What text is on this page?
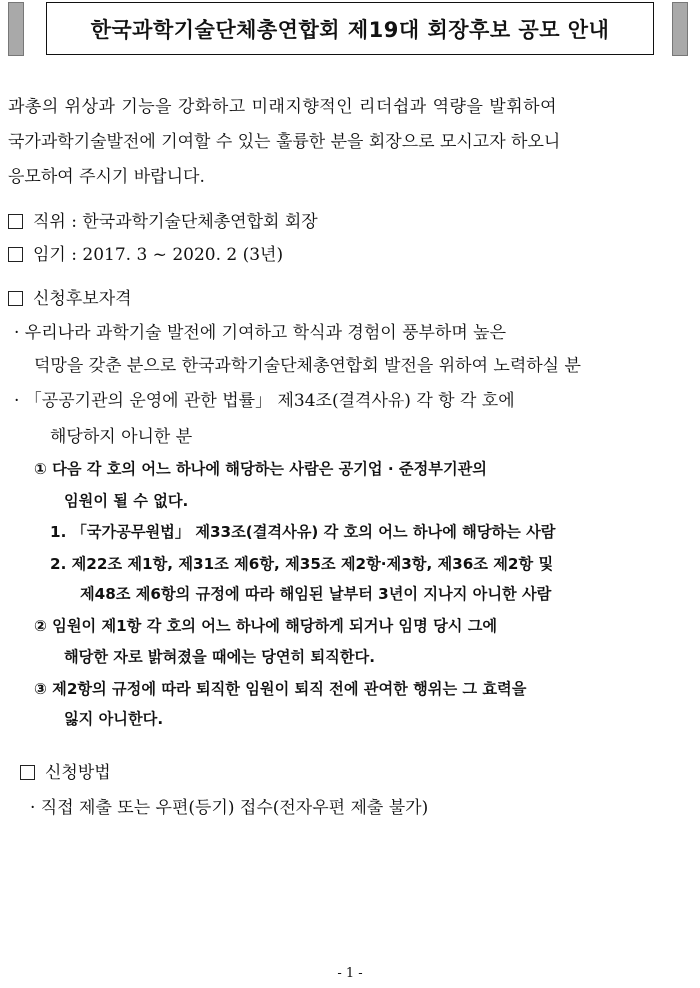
한국과학기술단체총연합회 제19대 회장후보 공모 안내
과총의 위상과 기능을 강화하고 미래지향적인 리더쉽과 역량을 발휘하여
국가과학기술발전에 기여할 수 있는 훌륭한 분을 회장으로 모시고자 하오니
응모하여 주시기 바랍니다.
직위 : 한국과학기술단체총연합회 회장
임기 : 2017. 3 ~ 2020. 2 (3년)
신청후보자격
· 우리나라 과학기술 발전에 기여하고 학식과 경험이 풍부하며 높은
덕망을 갖춘 분으로 한국과학기술단체총연합회 발전을 위하여 노력하실 분
· 「공공기관의 운영에 관한 법률」 제34조(결격사유) 각 항 각 호에
해당하지 아니한 분
① 다음 각 호의 어느 하나에 해당하는 사람은 공기업 · 준정부기관의
임원이 될 수 없다.
1. 「국가공무원법」 제33조(결격사유) 각 호의 어느 하나에 해당하는 사람
2. 제22조 제1항, 제31조 제6항, 제35조 제2항·제3항, 제36조 제2항 및
제48조 제6항의 규정에 따라 해임된 날부터 3년이 지나지 아니한 사람
② 임원이 제1항 각 호의 어느 하나에 해당하게 되거나 임명 당시 그에
해당한 자로 밝혀졌을 때에는 당연히 퇴직한다.
③ 제2항의 규정에 따라 퇴직한 임원이 퇴직 전에 관여한 행위는 그 효력을
잃지 아니한다.
신청방법
· 직접 제출 또는 우편(등기) 접수(전자우편 제출 불가)
- 1 -
